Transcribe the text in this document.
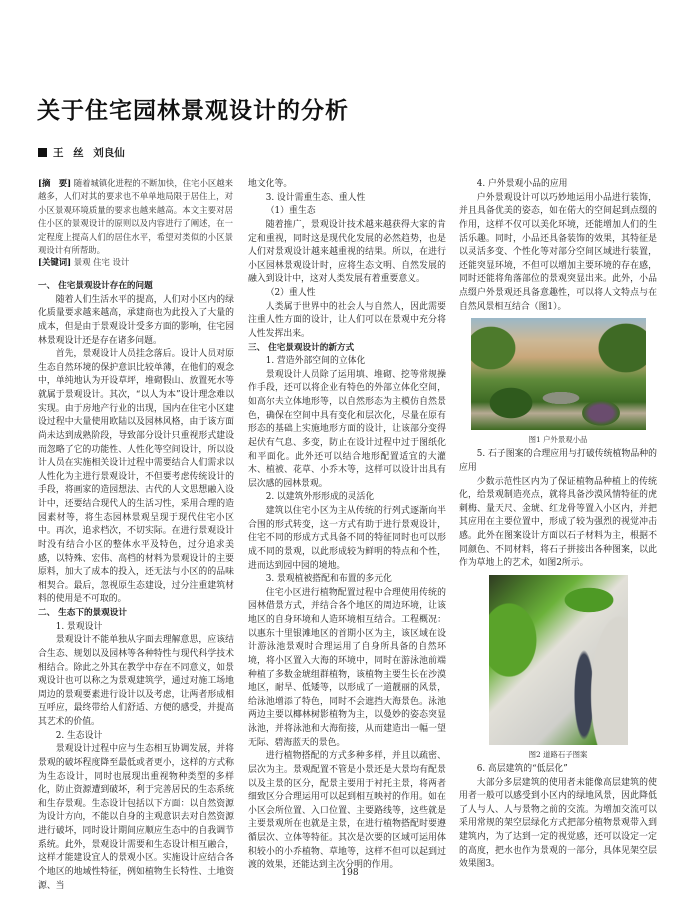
关于住宅园林景观设计的分析
王 丝 刘良仙
[摘　要] 随着城镇化进程的不断加快，住宅小区越来越多，人们对其的要求也不单单地局限于居住上，对小区景观环境质量的要求也越来越高。本文主要对居住小区的景观设计的原则以及内容进行了阐述，在一定程度上提高人们的居住水平，希望对类似的小区景观设计有所帮助。
[关键词] 景观 住宅 设计

一、 住宅景观设计存在的问题

随着人们生活水平的提高，人们对小区内的绿化质量要求越来越高，承建商也为此投入了大量的成本，但是由于景观设计受多方面的影响，住宅园林景观设计还是存在诸多问题。

首先，景观设计人员挂念落后。设计人员对原生态自然环境的保护意识比较单薄，在他们的观念中，单纯地认为开设草坪，堆砌假山、放置死水等就属于景观设计。其次，“以人为本”设计理念难以实现。由于房地产行业的出现，国内在住宅小区建设过程中大量使用欧陆以及园林风格，由于该方面尚未达到成熟阶段，导致部分设计只重视形式建设而忽略了它的功能性、人性化等空间设计，所以设计人员在实施相关设计过程中需要结合人们需求以人性化为主进行景观设计，不但要考虑传统设计的手段，将画家的造园想法、古代的人文思想融入设计中，还要结合现代人的生活习性，采用合理的造园素材等，将生态园林景观呈现于现代住宅小区中。再次，追求档次，不切实际。在进行景观设计时没有结合小区的整体水平及特色，过分追求美感，以特殊、宏伟、高档的材料为景观设计的主要原料，加大了成本的投入，还无法与小区的的品味相契合。最后，忽视原生态建设，过分注重建筑材料的使用是不可取的。

二、 生态下的景观设计

1. 景观设计

景观设计不能单独从字面去理解意思，应该结合生态、规划以及园林等各种特性与现代科学技术相结合。除此之外其在教学中存在不同意义，如景观设计也可以称之为景观建筑学，通过对施工场地周边的景观要素进行设计以及考虑，让两者形成相互呼应，最终带给人们舒适、方便的感受，并提高其艺术的价值。

2. 生态设计

景观设计过程中应与生态相互协调发展，并将景观的破坏程度降至最低或者更小，这样的方式称为生态设计，同时也展现出重视物种类型的多样化，防止资源遭到破坏，利于完善居民的生态系统和生存景观。生态设计包括以下方面：以自然资源为设计方向，不能以自身的主观意识去对自然资源进行破坏，同时设计期间应顺应生态中的自我调节系统。此外，景观设计需要和生态设计相互融合，这样才能建设宜人的景观小区。实施设计应结合各个地区的地域性特征，例如植物生长特性、土地资源、当

地文化等。

3. 设计需重生态、重人性

（1）重生态

随着推广，景观设计技术越来越获得大家的肯定和重视，同时这是现代化发展的必然趋势，也是人们对景观设计越来越重视的结果。所以，在进行小区园林景观设计时，应将生态文明、自然发展的融入到设计中，这对人类发展有着重要意义。

（2）重人性

人类属于世界中的社会人与自然人，因此需要注重人性方面的设计，让人们可以在景观中充分将人性发挥出来。

三、 住宅景观设计的新方式

1. 营造外部空间的立体化

景观设计人员除了运用填、堆砌、挖等常规操作手段，还可以将企业有特色的外部立体化空间，如高尔夫立体地形等，以自然形态为主模仿自然景色，确保在空间中具有变化和层次化，尽量在原有形态的基础上实施地形方面的设计，让该部分变得起伏有气息、多变，防止在设计过程中过于图纸化和平面化。此外还可以结合地形配置适宜的大灌木、植被、花草、小乔木等，这样可以设计出具有层次感的园林景观。

2. 以建筑外形形成的灵活化

建筑以住宅小区为主从传统的行列式逐渐向半合围的形式转变，这一方式有助于进行景观设计，住宅不同的形成方式具备不同的特征同时也可以形成不同的景观，以此形成较为鲜明的特点和个性，进而达到园中园的境地。

3. 景观植被搭配和布置的多元化

住宅小区进行植物配置过程中合理使用传统的园林借景方式，并结合各个地区的周边环境，让该地区的自身环境和人造环境相互结合。工程概况：以惠东十里银滩地区的首期小区为主，该区域在设计游泳池景观时合理运用了自身所具备的自然环境，将小区置入大海的环境中，同时在游泳池前端种植了多数金琥组群植物，该植物主要生长在沙漠地区，耐旱、低矮等，以形成了一道靓丽的风景，给泳池增添了特色，同时不会遮挡大海景色。泳池两边主要以椰林树影植物为主，以曼妙的姿态突显泳池，并将泳池和大海衔接，从而建造出一幅一望无际、碧海蓝天的景色。

进行植物搭配的方式多种多样，并且以疏密、层次为主。景观配置不管是小景还是大景均有配景以及主景的区分，配景主要用于衬托主景，将两者细致区分合理运用可以起到相互映衬的作用。如在小区会所位置、入口位置、主要路线等，这些就是主要景观所在也就是主景，在进行植物搭配时要遵循层次、立体等特征。其次是次要的区域可运用体积较小的小乔植物、草地等，这样不但可以起到过渡的效果，还能达到主次分明的作用。

4. 户外景观小品的应用

户外景观设计可以巧妙地运用小品进行装饰，并且具备优美的姿态，如在偌大的空间起到点缀的作用，这样不仅可以美化环境，还能增加人们的生活乐趣。同时，小品还具备装饰的效果，其特征是以灵活多变、个性化等对部分空间区域进行装置，还能突显环境，不但可以增加主要环境的存在感，同时还能将角落部位的景观突显出来。此外，小品点缀户外景观还具备意趣性，可以将人文特点与在自然风景相互结合（图1）。

图1 户外景观小品

5. 石子图案的合理应用与打破传统植物品种的应用

少数示范性区内为了保证植物品种植上的传统化，给景观制造亮点，就将具备沙漠风情特征的虎刺梅、量天尺、金琥、红龙骨等置入小区内，并把其应用在主要位置中，形成了较为强烈的视觉冲击感。此外在图案设计方面以石子材料为主，根据不同颜色、不同材料，将石子拼接出各种图案，以此作为草地上的艺术，如图2所示。

图2 道路石子图案

6. 高层建筑的“低层化”

大部分多层建筑的使用者未能像高层建筑的使用者一般可以感受到小区内的绿地风景，因此降低了人与人、人与景物之前的交流。为增加交流可以采用常规的架空层绿化方式把部分植物景观带入到建筑内，为了达到一定的视觉感，还可以设定一定的高度，把水也作为景观的一部分，具体见架空层效果图3。

198
